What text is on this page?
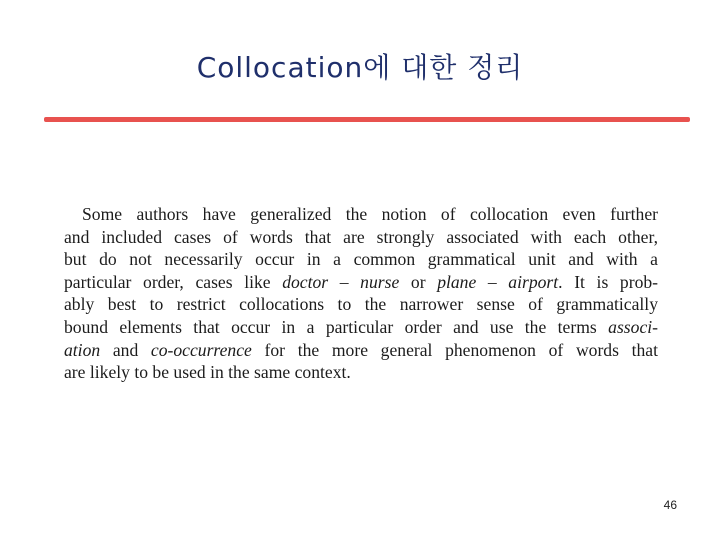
Collocation에 대한 정리
Some authors have generalized the notion of collocation even further
and included cases of words that are strongly associated with each other,
but do not necessarily occur in a common grammatical unit and with a
particular order, cases like doctor – nurse or plane – airport. It is prob-
ably best to restrict collocations to the narrower sense of grammatically
bound elements that occur in a particular order and use the terms associ-
ation and co-occurrence for the more general phenomenon of words that
are likely to be used in the same context.
46
